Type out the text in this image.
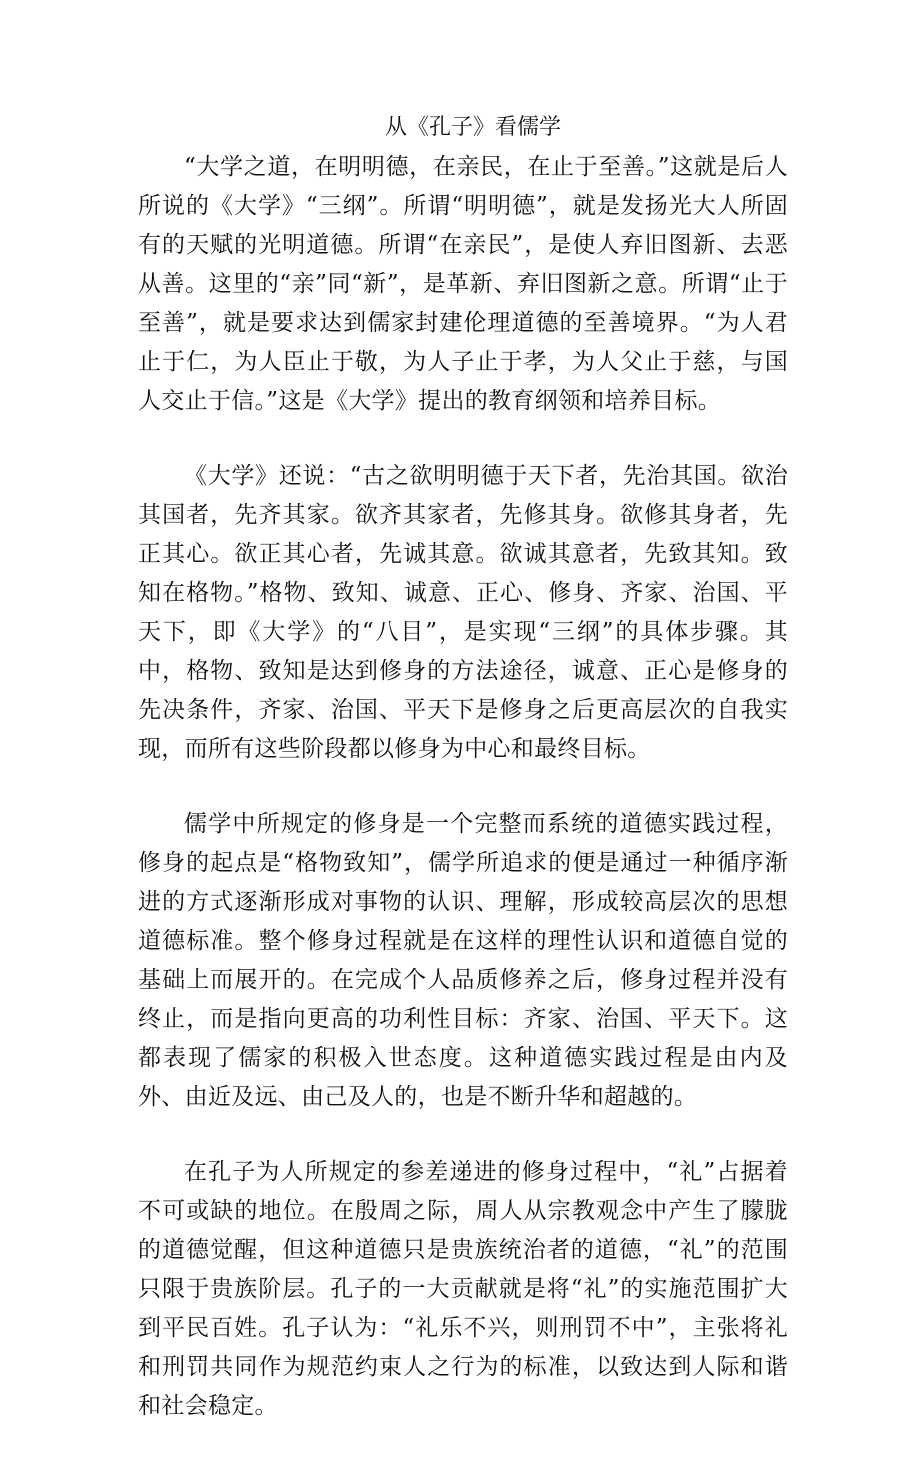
从《孔子》看儒学

“大学之道，在明明德，在亲民，在止于至善。”这就是后人所说的《大学》“三纲”。所谓“明明德”，就是发扬光大人所固有的天赋的光明道德。所谓“在亲民”，是使人弃旧图新、去恶从善。这里的“亲”同“新”，是革新、弃旧图新之意。所谓“止于至善”，就是要求达到儒家封建伦理道德的至善境界。“为人君止于仁，为人臣止于敬，为人子止于孝，为人父止于慈，与国人交止于信。”这是《大学》提出的教育纲领和培养目标。

《大学》还说：“古之欲明明德于天下者，先治其国。欲治其国者，先齐其家。欲齐其家者，先修其身。欲修其身者，先正其心。欲正其心者，先诚其意。欲诚其意者，先致其知。致知在格物。”格物、致知、诚意、正心、修身、齐家、治国、平天下，即《大学》的“八目”，是实现“三纲”的具体步骤。其中，格物、致知是达到修身的方法途径，诚意、正心是修身的先决条件，齐家、治国、平天下是修身之后更高层次的自我实现，而所有这些阶段都以修身为中心和最终目标。

儒学中所规定的修身是一个完整而系统的道德实践过程，修身的起点是“格物致知”，儒学所追求的便是通过一种循序渐进的方式逐渐形成对事物的认识、理解，形成较高层次的思想道德标准。整个修身过程就是在这样的理性认识和道德自觉的基础上而展开的。在完成个人品质修养之后，修身过程并没有终止，而是指向更高的功利性目标：齐家、治国、平天下。这都表现了儒家的积极入世态度。这种道德实践过程是由内及外、由近及远、由己及人的，也是不断升华和超越的。

在孔子为人所规定的参差递进的修身过程中，“礼”占据着不可或缺的地位。在殷周之际，周人从宗教观念中产生了朦胧的道德觉醒，但这种道德只是贵族统治者的道德，“礼”的范围只限于贵族阶层。孔子的一大贡献就是将“礼”的实施范围扩大到平民百姓。孔子认为：“礼乐不兴，则刑罚不中”，主张将礼和刑罚共同作为规范约束人之行为的标准，以致达到人际和谐和社会稳定。
